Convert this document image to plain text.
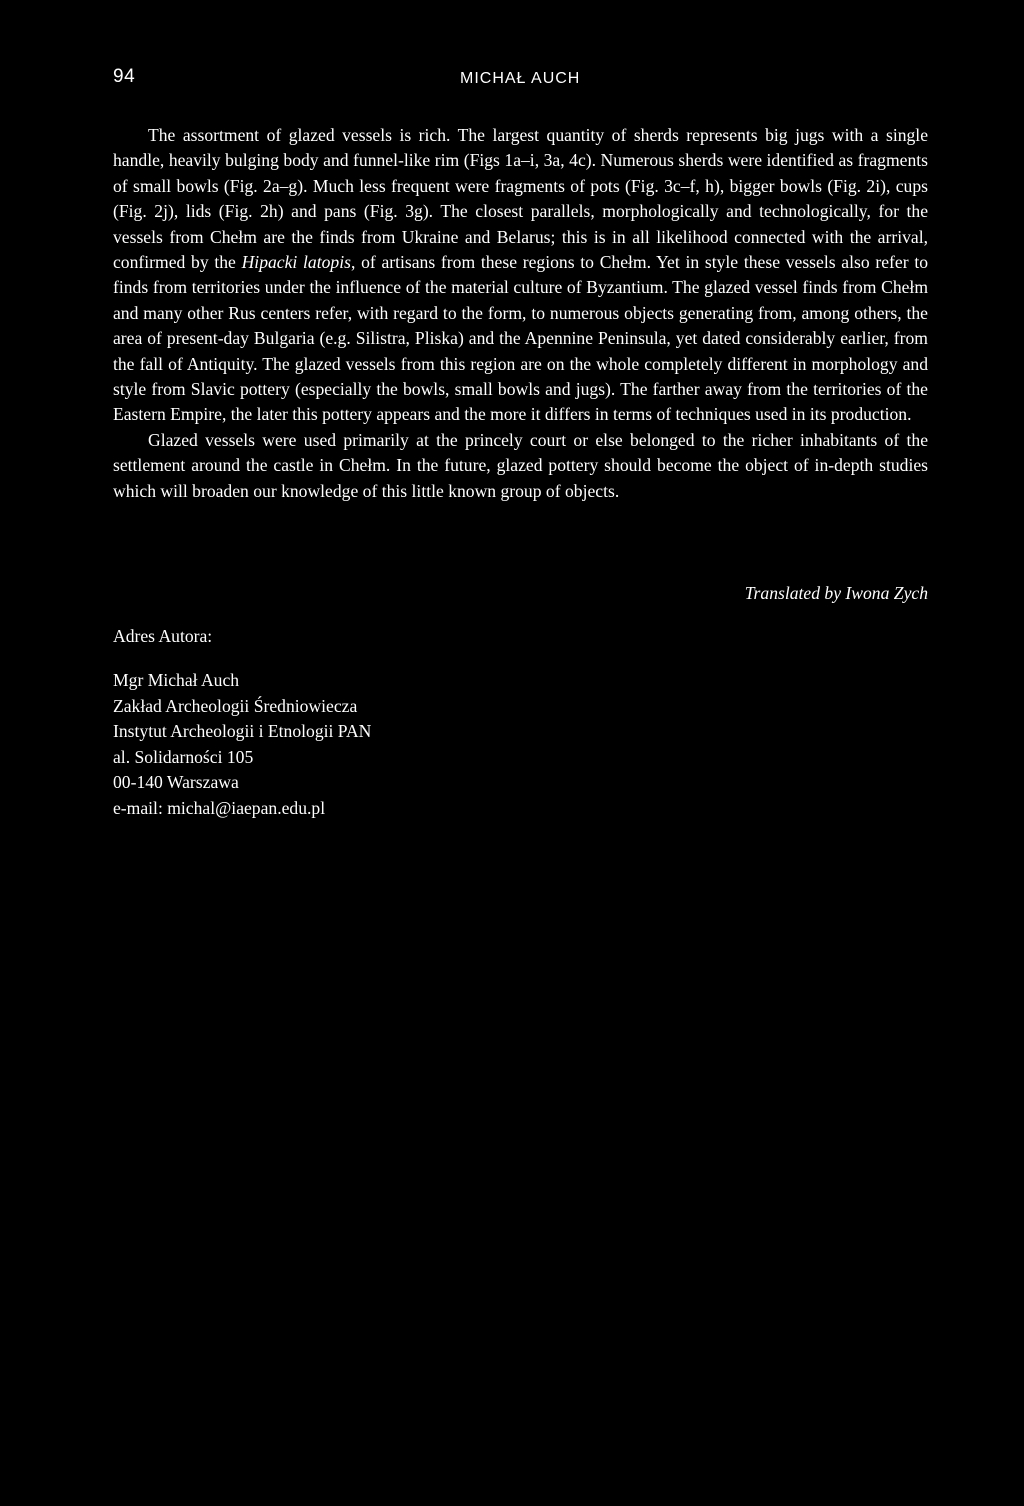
94	MICHAŁ AUCH

The assortment of glazed vessels is rich. The largest quantity of sherds represents big jugs with a single handle, heavily bulging body and funnel-like rim (Figs 1a–i, 3a, 4c). Numerous sherds were identified as fragments of small bowls (Fig. 2a–g). Much less frequent were fragments of pots (Fig. 3c–f, h), bigger bowls (Fig. 2i), cups (Fig. 2j), lids (Fig. 2h) and pans (Fig. 3g). The closest parallels, morphologically and technologically, for the vessels from Chełm are the finds from Ukraine and Belarus; this is in all likelihood connected with the arrival, confirmed by the Hipacki latopis, of artisans from these regions to Chełm. Yet in style these vessels also refer to finds from territories under the influence of the material culture of Byzantium. The glazed vessel finds from Chełm and many other Rus centers refer, with regard to the form, to numerous objects generating from, among others, the area of present-day Bulgaria (e.g. Silistra, Pliska) and the Apennine Peninsula, yet dated considerably earlier, from the fall of Antiquity. The glazed vessels from this region are on the whole completely different in morphology and style from Slavic pottery (especially the bowls, small bowls and jugs). The farther away from the territories of the Eastern Empire, the later this pottery appears and the more it differs in terms of techniques used in its production.

Glazed vessels were used primarily at the princely court or else belonged to the richer inhabitants of the settlement around the castle in Chełm. In the future, glazed pottery should become the object of in-depth studies which will broaden our knowledge of this little known group of objects.

Translated by Iwona Zych
Adres Autora:
Mgr Michał Auch
Zakład Archeologii Średniowiecza
Instytut Archeologii i Etnologii PAN
al. Solidarności 105
00-140 Warszawa
e-mail: michal@iaepan.edu.pl
